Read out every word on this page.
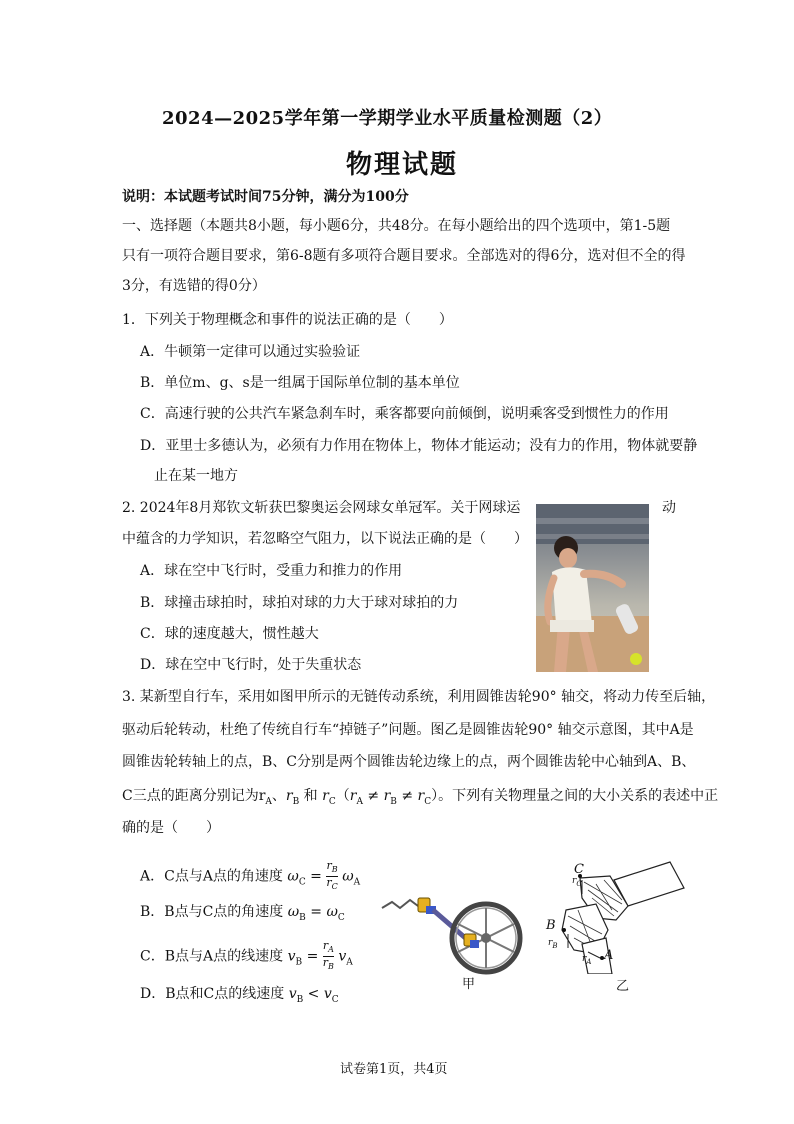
2024—2025学年第一学期学业水平质量检测题（2）
物理试题
说明：本试题考试时间75分钟，满分为100分
一、选择题（本题共8小题，每小题6分，共48分。在每小题给出的四个选项中，第1-5题
只有一项符合题目要求，第6-8题有多项符合题目要求。全部选对的得6分，选对但不全的得
3分，有选错的得0分）
1．下列关于物理概念和事件的说法正确的是（　　）
A．牛顿第一定律可以通过实验验证
B．单位m、g、s是一组属于国际单位制的基本单位
C．高速行驶的公共汽车紧急刹车时，乘客都要向前倾倒，说明乘客受到惯性力的作用
D．亚里士多德认为，必须有力作用在物体上，物体才能运动；没有力的作用，物体就要静
止在某一地方
2. 2024年8月郑钦文斩获巴黎奥运会网球女单冠军。关于网球运	动
中蕴含的力学知识，若忽略空气阻力，以下说法正确的是（　　）
A．球在空中飞行时，受重力和推力的作用
B．球撞击球拍时，球拍对球的力大于球对球拍的力
C．球的速度越大，惯性越大
D．球在空中飞行时，处于失重状态
3. 某新型自行车，采用如图甲所示的无链传动系统，利用圆锥齿轮90° 轴交，将动力传至后轴，
驱动后轮转动，杜绝了传统自行车“掉链子”问题。图乙是圆锥齿轮90° 轴交示意图，其中A是
圆锥齿轮转轴上的点，B、C分别是两个圆锥齿轮边缘上的点，两个圆锥齿轮中心轴到A、B、
C三点的距离分别记为$r_A$、$r_B$ 和 $r_C(r_A \ne r_B \ne r_C)$。下列有关物理量之间的大小关系的表述中正
确的是（　　）
A．C点与A点的角速度 $\omega_C = \frac{r_B}{r_C} \omega_A$
B．B点与C点的角速度 $\omega_B = \omega_C$
C．B点与A点的线速度 $v_B = \frac{r_A}{r_B} v_A$
D．B点和C点的线速度 $v_B < v_C$
甲
C
$r_C$
B
$r_B$
A
$r_A$
乙
试卷第1页，共4页
